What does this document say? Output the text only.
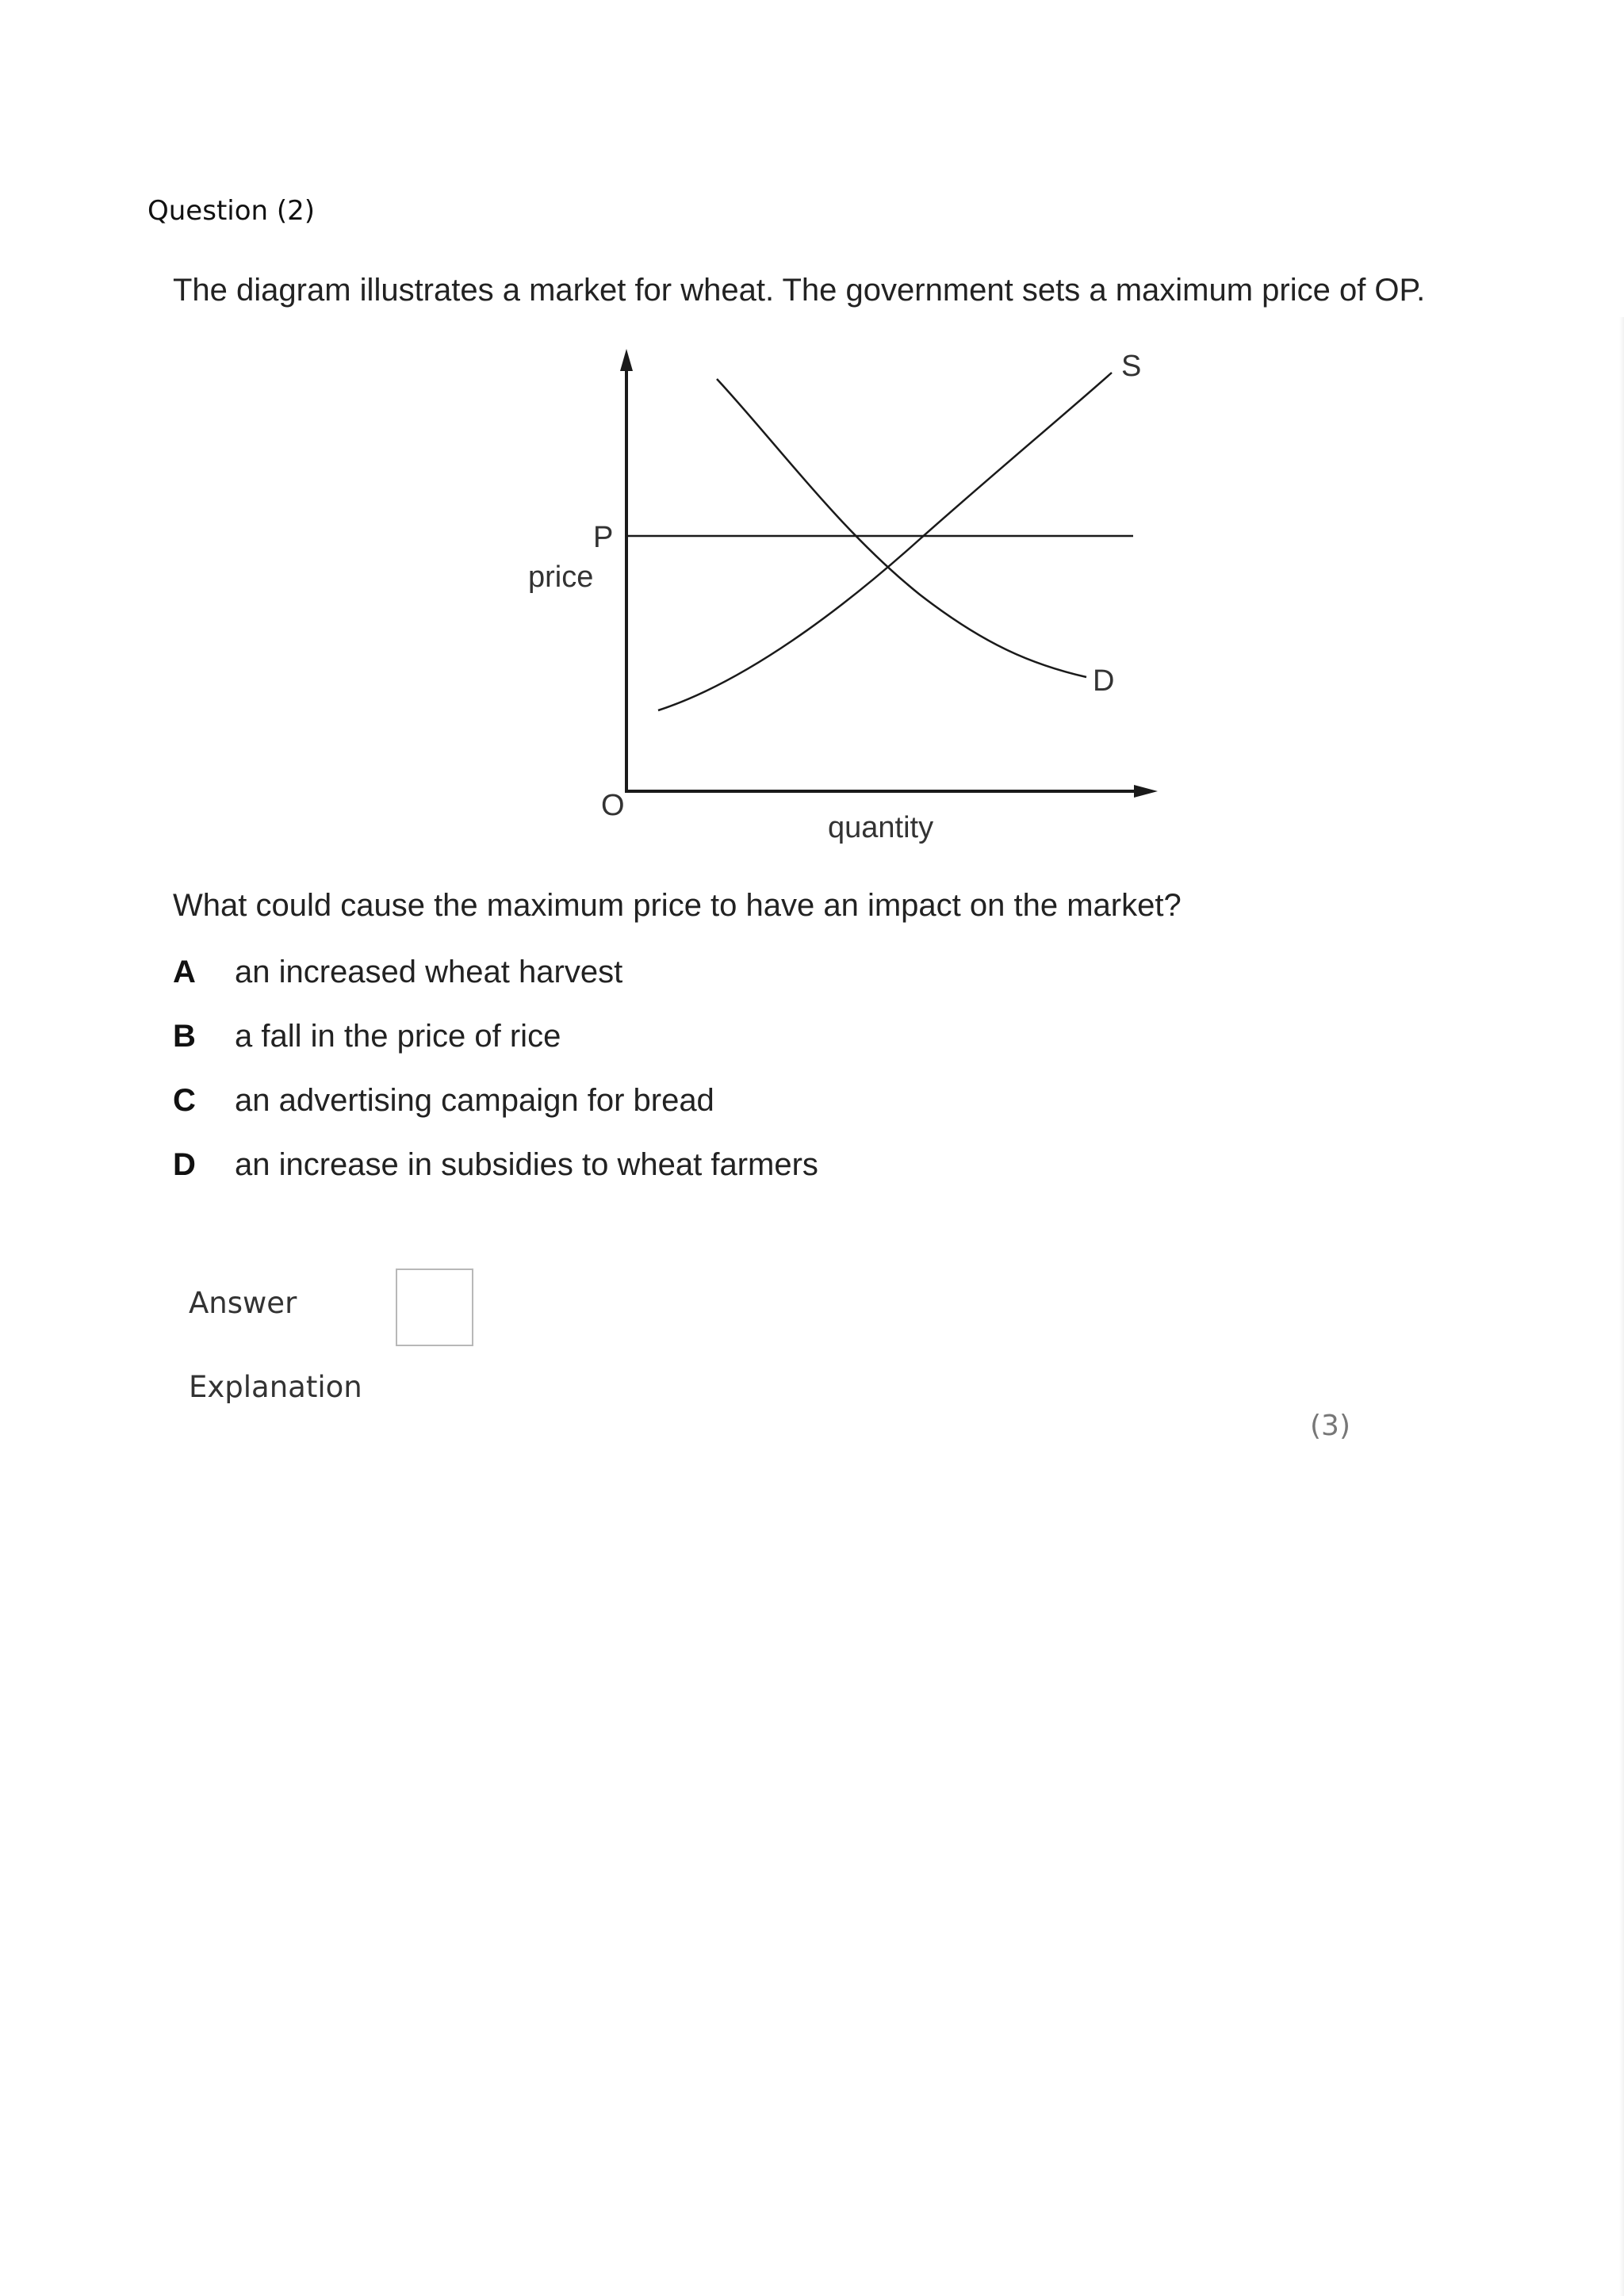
Question (2)
The diagram illustrates a market for wheat. The government sets a maximum price of OP.
S
D
P
price
O
quantity
What could cause the maximum price to have an impact on the market?
A	an increased wheat harvest
B	a fall in the price of rice
C	an advertising campaign for bread
D	an increase in subsidies to wheat farmers
Answer
Explanation
(3)
